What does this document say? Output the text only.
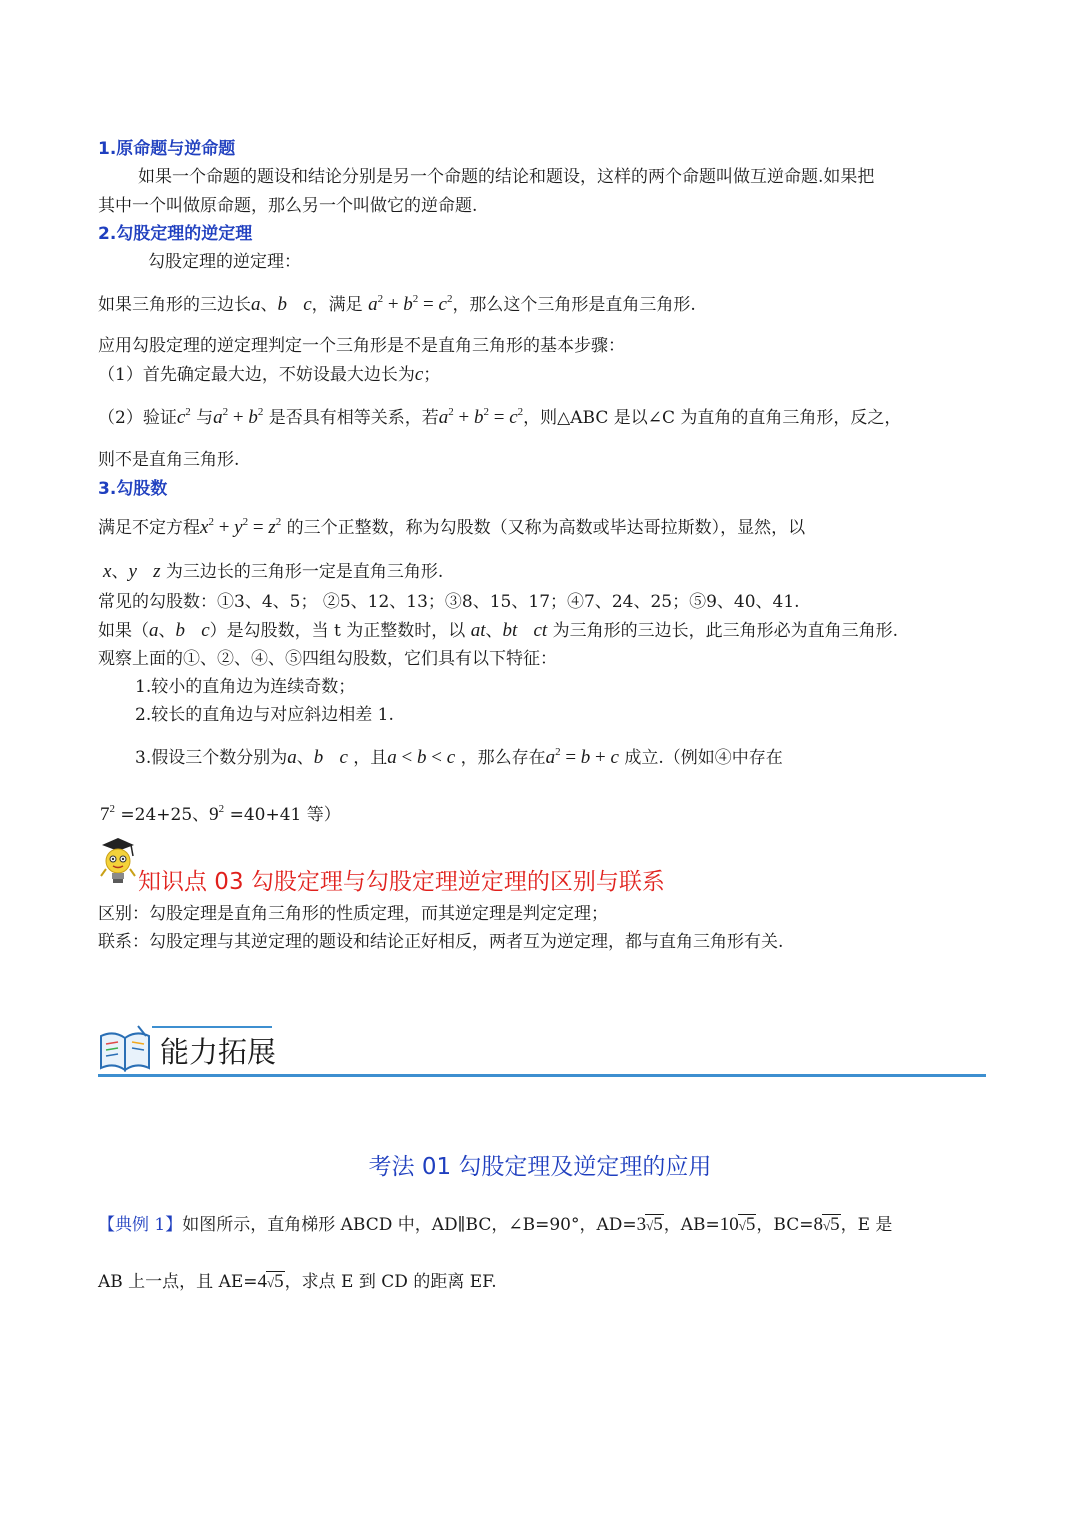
1.原命题与逆命题
如果一个命题的题设和结论分别是另一个命题的结论和题设，这样的两个命题叫做互逆命题.如果把
其中一个叫做原命题，那么另一个叫做它的逆命题.
2.勾股定理的逆定理
勾股定理的逆定理：
如果三角形的三边长a、b c，满足 $a^2 + b^2 = c^2$，那么这个三角形是直角三角形.
应用勾股定理的逆定理判定一个三角形是不是直角三角形的基本步骤：
（1）首先确定最大边，不妨设最大边长为c；
（2）验证$c^2$ 与$a^2 + b^2$ 是否具有相等关系，若$a^2 + b^2 = c^2$，则△ABC 是以∠C 为直角的直角三角形，反之，
则不是直角三角形.
3.勾股数
满足不定方程$x^2 + y^2 = z^2$ 的三个正整数，称为勾股数（又称为高数或毕达哥拉斯数），显然，以
x、y z 为三边长的三角形一定是直角三角形.
常见的勾股数：①3、4、5； ②5、12、13；③8、15、17；④7、24、25；⑤9、40、41.
如果（a、b c）是勾股数，当 t 为正整数时，以 at、bt ct 为三角形的三边长，此三角形必为直角三角形.
观察上面的①、②、④、⑤四组勾股数，它们具有以下特征：
1.较小的直角边为连续奇数；
2.较长的直角边与对应斜边相差 1.
3.假设三个数分别为a、b c ，且a < b < c ，那么存在$a^2 = b + c$ 成立.（例如④中存在
$7^2 =24+25$、$9^2 =40+41$ 等）
知识点 03 勾股定理与勾股定理逆定理的区别与联系
区别：勾股定理是直角三角形的性质定理，而其逆定理是判定定理；
联系：勾股定理与其逆定理的题设和结论正好相反，两者互为逆定理，都与直角三角形有关.
能力拓展
考法 01 勾股定理及逆定理的应用
【典例 1】如图所示，直角梯形 ABCD 中，AD∥BC，∠B=90°，AD=3√5，AB=10√5，BC=8√5，E 是
AB 上一点，且 AE=4√5，求点 E 到 CD 的距离 EF.
